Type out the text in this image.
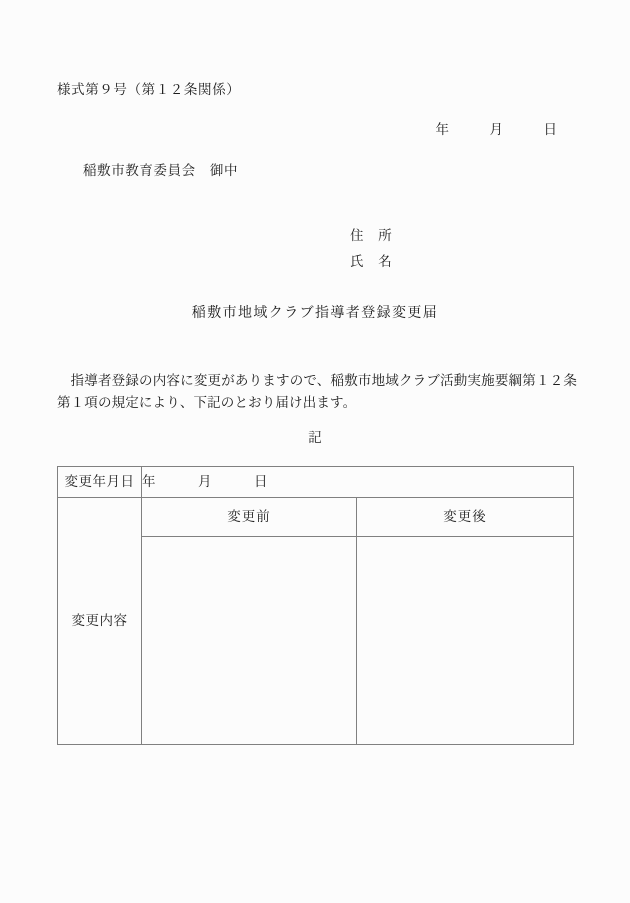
様式第９号（第１２条関係）
年　　　月　　　日
稲敷市教育委員会　御中
住　所
氏　名
稲敷市地域クラブ指導者登録変更届
指導者登録の内容に変更がありますので、稲敷市地域クラブ活動実施要綱第１２条第１項の規定により、下記のとおり届け出ます。
記
変更年月日	年　　　月　　　日	
変更内容	変更前	変更後
